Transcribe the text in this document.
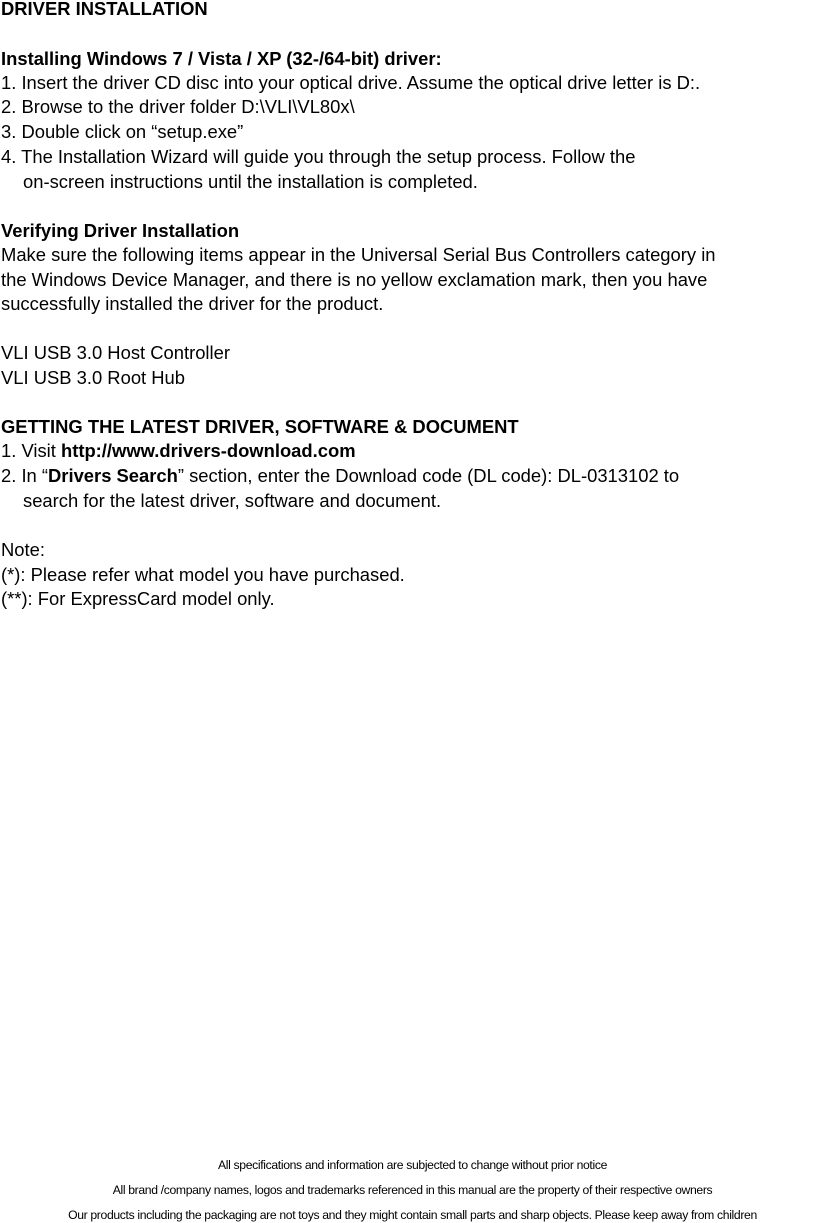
DRIVER INSTALLATION
Installing Windows 7 / Vista / XP (32-/64-bit) driver:
1. Insert the driver CD disc into your optical drive. Assume the optical drive letter is D:.
2. Browse to the driver folder D:\VLI\VL80x\
3. Double click on “setup.exe”
4. The Installation Wizard will guide you through the setup process. Follow the
on-screen instructions until the installation is completed.
Verifying Driver Installation
Make sure the following items appear in the Universal Serial Bus Controllers category in
the Windows Device Manager, and there is no yellow exclamation mark, then you have
successfully installed the driver for the product.
VLI USB 3.0 Host Controller
VLI USB 3.0 Root Hub
GETTING THE LATEST DRIVER, SOFTWARE & DOCUMENT
1. Visit http://www.drivers-download.com
2. In “Drivers Search” section, enter the Download code (DL code): DL-0313102 to
search for the latest driver, software and document.
Note:
(*): Please refer what model you have purchased.
(**): For ExpressCard model only.
All specifications and information are subjected to change without prior notice
All brand /company names, logos and trademarks referenced in this manual are the property of their respective owners
Our products including the packaging are not toys and they might contain small parts and sharp objects. Please keep away from children
